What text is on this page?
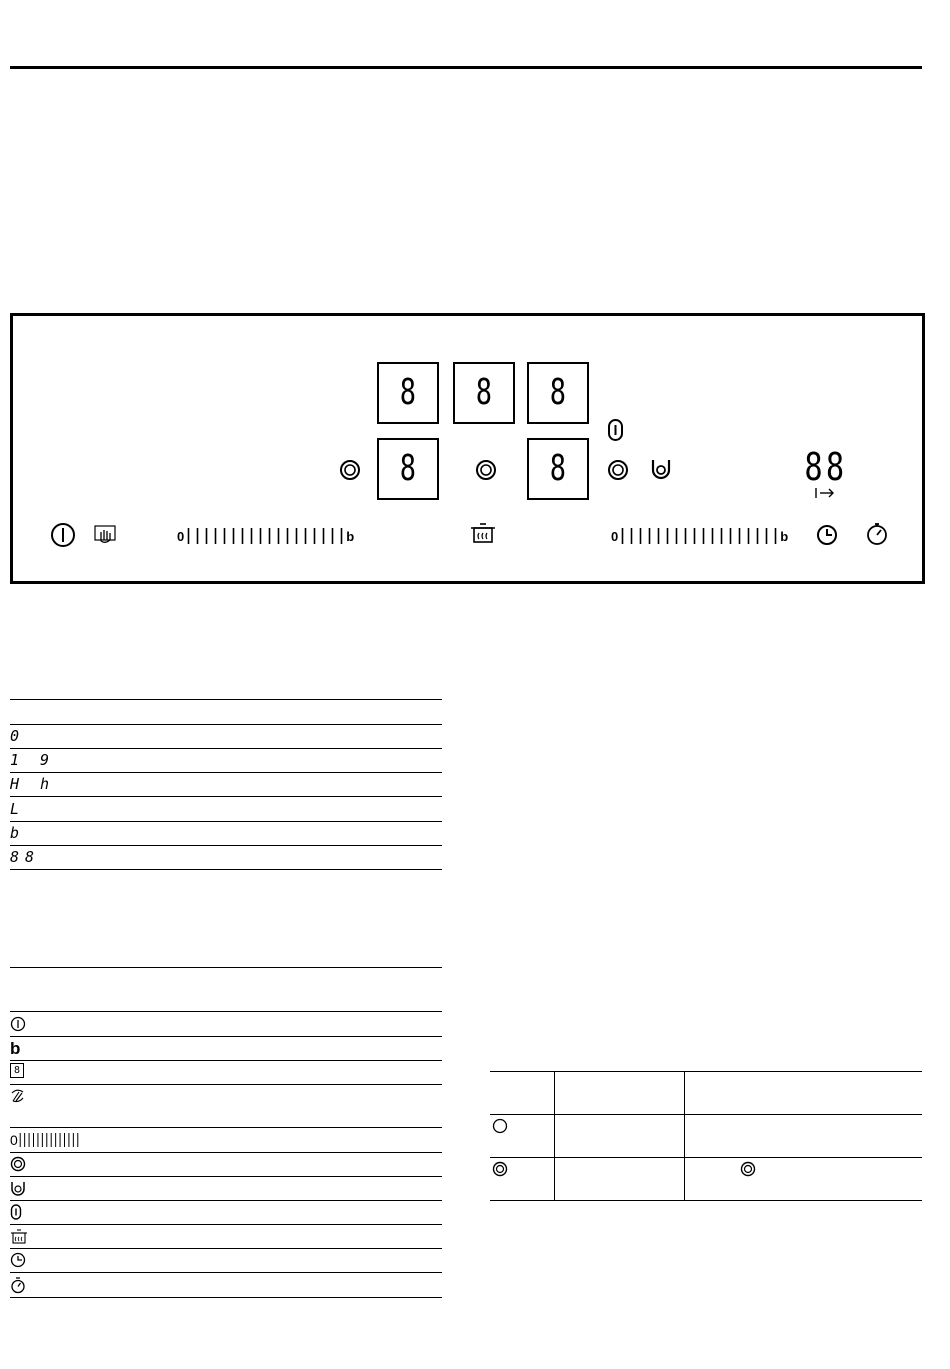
8 8 8
8	8	88
0	b	0	b
0
1 9
H h
L
b
88
b
8
0
